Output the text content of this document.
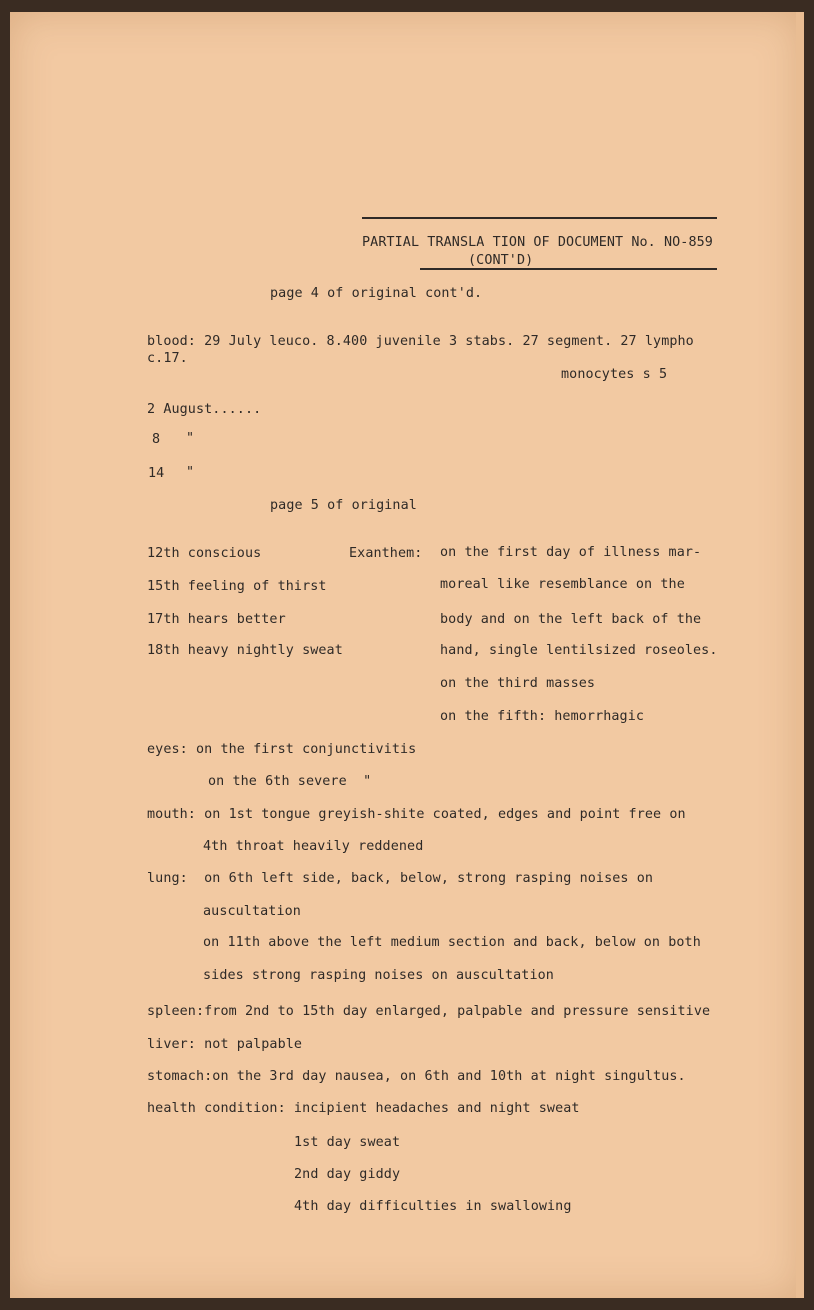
PARTIAL TRANSLA TION OF DOCUMENT No. NO-859
(CONT'D)
page 4 of original cont'd.
blood: 29 July leuco. 8.400 juvenile 3 stabs. 27 segment. 27 lympho
c.17.
monocytes s 5
2 August......
8 "
14 "
page 5 of original
12th conscious
15th feeling of thirst
17th hears better
18th heavy nightly sweat
Exanthem: on the first day of illness mar-
moreal like resemblance on the
body and on the left back of the
hand, single lentilsized roseoles.
on the third masses
on the fifth: hemorrhagic
eyes: on the first conjunctivitis
on the 6th severe  "
mouth: on 1st tongue greyish-shite coated, edges and point free on
4th throat heavily reddened
lung:  on 6th left side, back, below, strong rasping noises on
auscultation
on 11th above the left medium section and back, below on both
sides strong rasping noises on auscultation
spleen:from 2nd to 15th day enlarged, palpable and pressure sensitive
liver: not palpable
stomach:on the 3rd day nausea, on 6th and 10th at night singultus.
health condition: incipient headaches and night sweat
1st day sweat
2nd day giddy
4th day difficulties in swallowing
